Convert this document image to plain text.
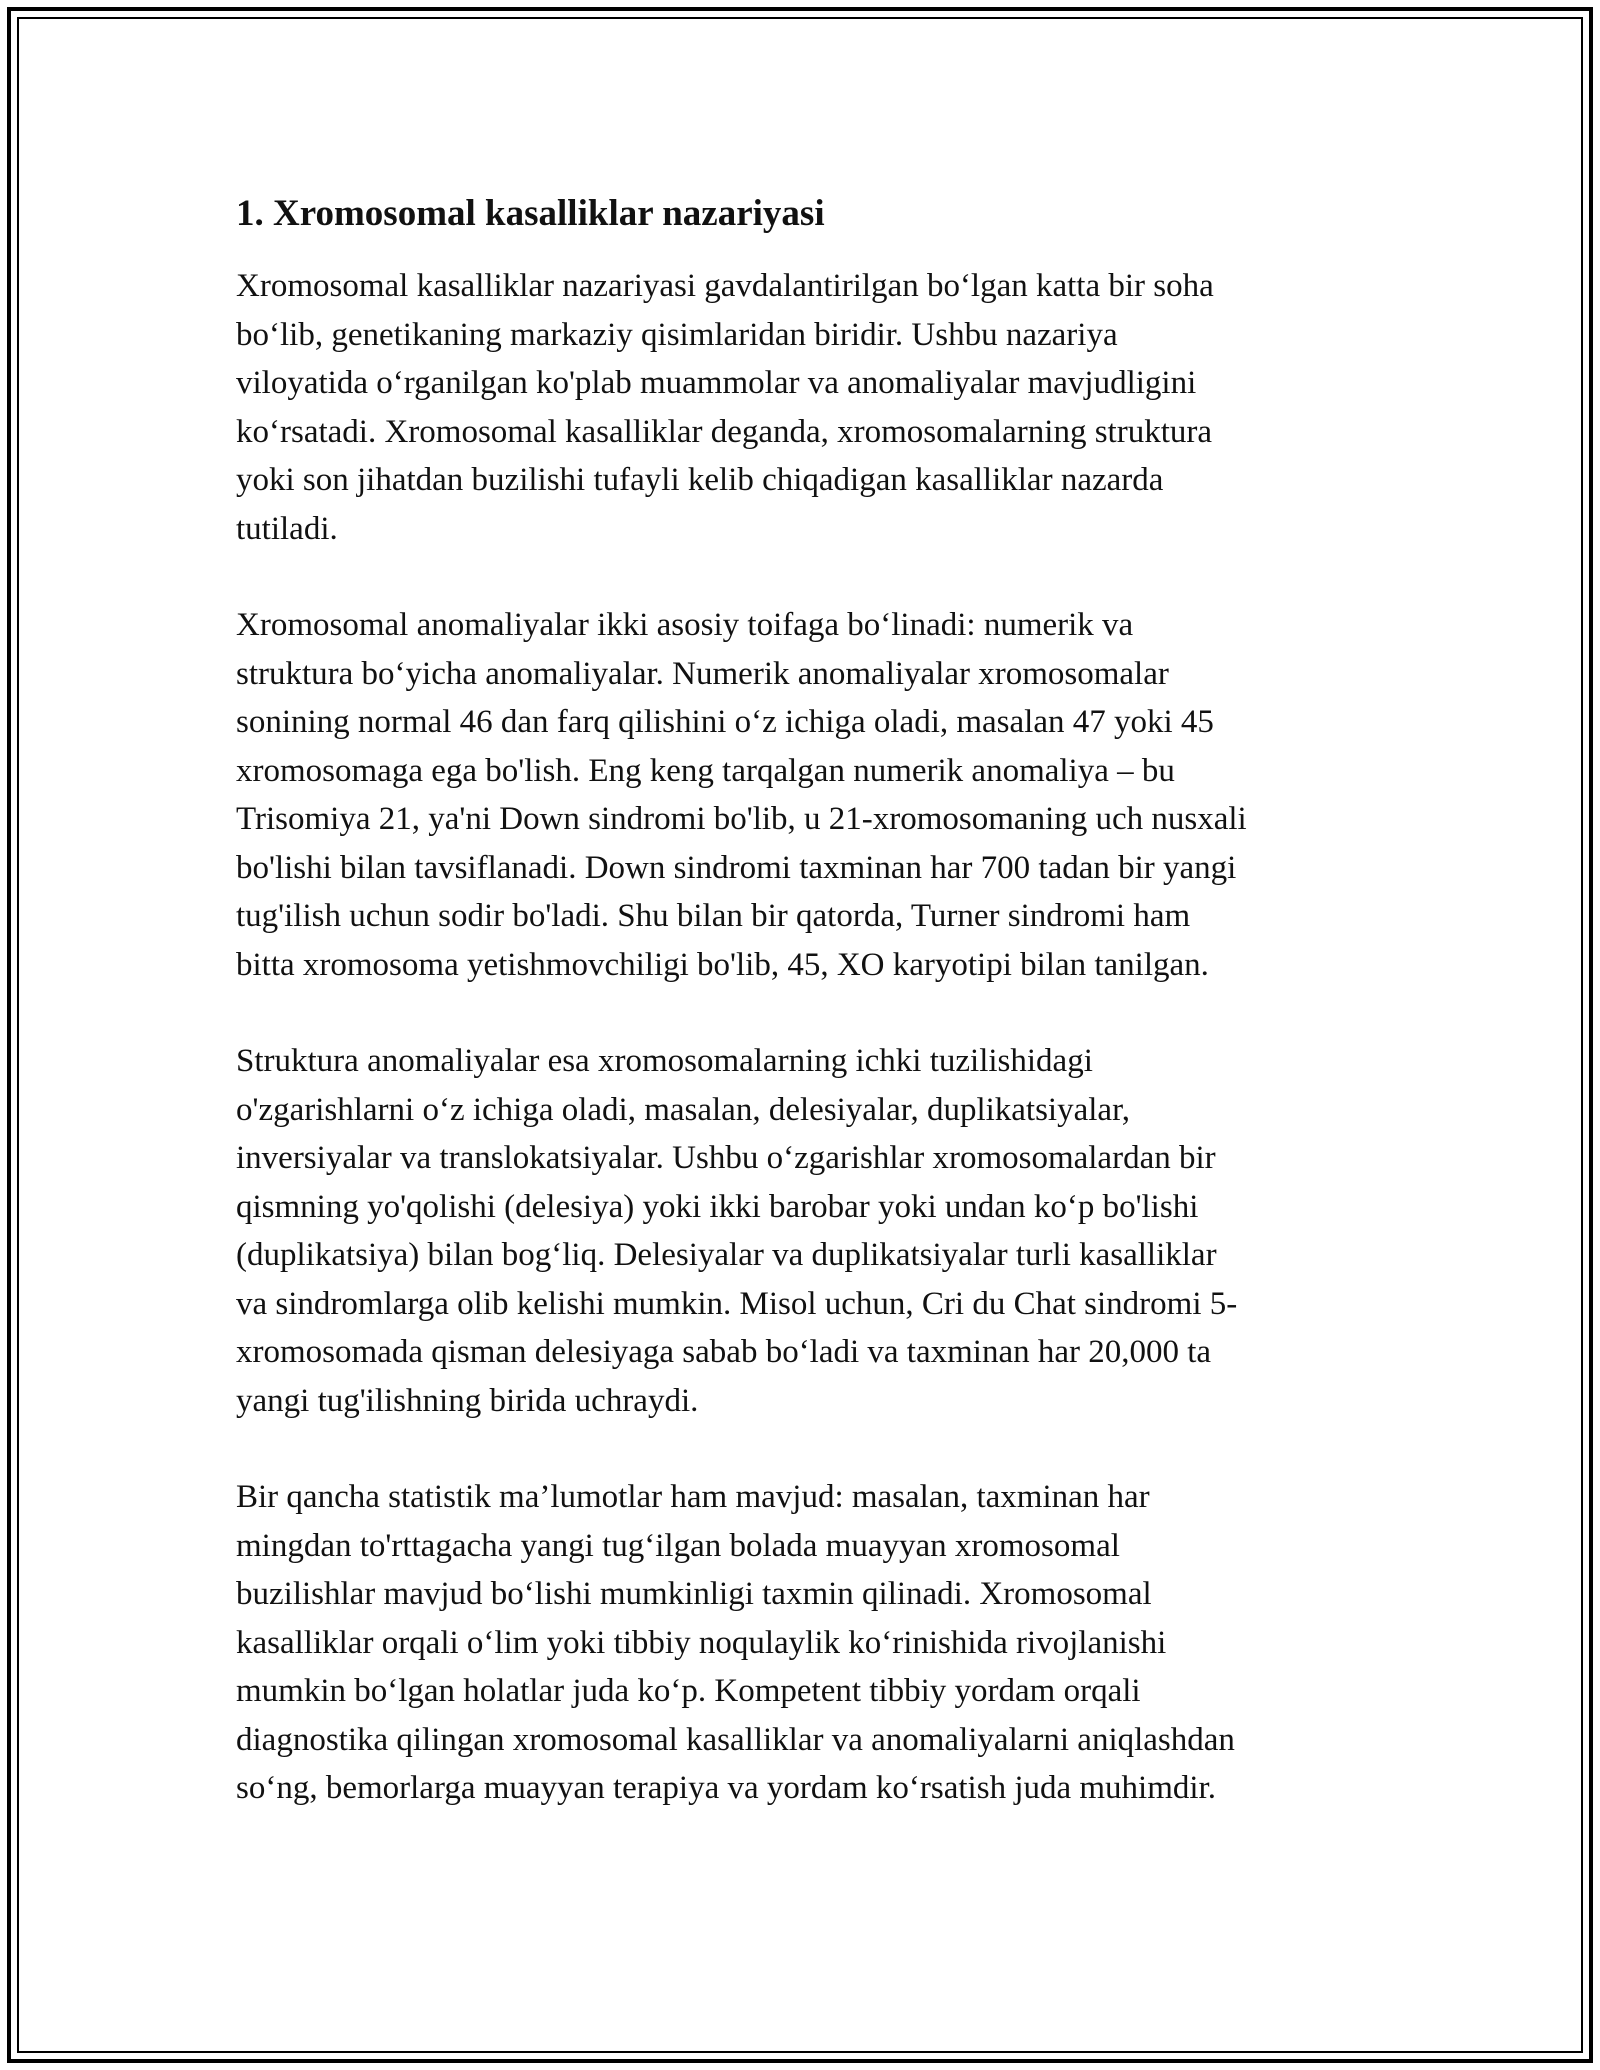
1. Xromosomal kasalliklar nazariyasi

Xromosomal kasalliklar nazariyasi gavdalantirilgan boʻlgan katta bir soha
boʻlib, genetikaning markaziy qisimlaridan biridir. Ushbu nazariya
viloyatida oʻrganilgan ko'plab muammolar va anomaliyalar mavjudligini
koʻrsatadi. Xromosomal kasalliklar deganda, xromosomalarning struktura
yoki son jihatdan buzilishi tufayli kelib chiqadigan kasalliklar nazarda
tutiladi.

Xromosomal anomaliyalar ikki asosiy toifaga boʻlinadi: numerik va
struktura boʻyicha anomaliyalar. Numerik anomaliyalar xromosomalar
sonining normal 46 dan farq qilishini oʻz ichiga oladi, masalan 47 yoki 45
xromosomaga ega bo'lish. Eng keng tarqalgan numerik anomaliya – bu
Trisomiya 21, ya'ni Down sindromi bo'lib, u 21-xromosomaning uch nusxali
bo'lishi bilan tavsiflanadi. Down sindromi taxminan har 700 tadan bir yangi
tug'ilish uchun sodir bo'ladi. Shu bilan bir qatorda, Turner sindromi ham
bitta xromosoma yetishmovchiligi bo'lib, 45, XO karyotipi bilan tanilgan.

Struktura anomaliyalar esa xromosomalarning ichki tuzilishidagi
o'zgarishlarni oʻz ichiga oladi, masalan, delesiyalar, duplikatsiyalar,
inversiyalar va translokatsiyalar. Ushbu oʻzgarishlar xromosomalardan bir
qismning yo'qolishi (delesiya) yoki ikki barobar yoki undan koʻp bo'lishi
(duplikatsiya) bilan bogʻliq. Delesiyalar va duplikatsiyalar turli kasalliklar
va sindromlarga olib kelishi mumkin. Misol uchun, Cri du Chat sindromi 5-
xromosomada qisman delesiyaga sabab boʻladi va taxminan har 20,000 ta
yangi tug'ilishning birida uchraydi.

Bir qancha statistik ma’lumotlar ham mavjud: masalan, taxminan har
mingdan to'rttagacha yangi tugʻilgan bolada muayyan xromosomal
buzilishlar mavjud boʻlishi mumkinligi taxmin qilinadi. Xromosomal
kasalliklar orqali oʻlim yoki tibbiy noqulaylik koʻrinishida rivojlanishi
mumkin boʻlgan holatlar juda koʻp. Kompetent tibbiy yordam orqali
diagnostika qilingan xromosomal kasalliklar va anomaliyalarni aniqlashdan
soʻng, bemorlarga muayyan terapiya va yordam koʻrsatish juda muhimdir.
